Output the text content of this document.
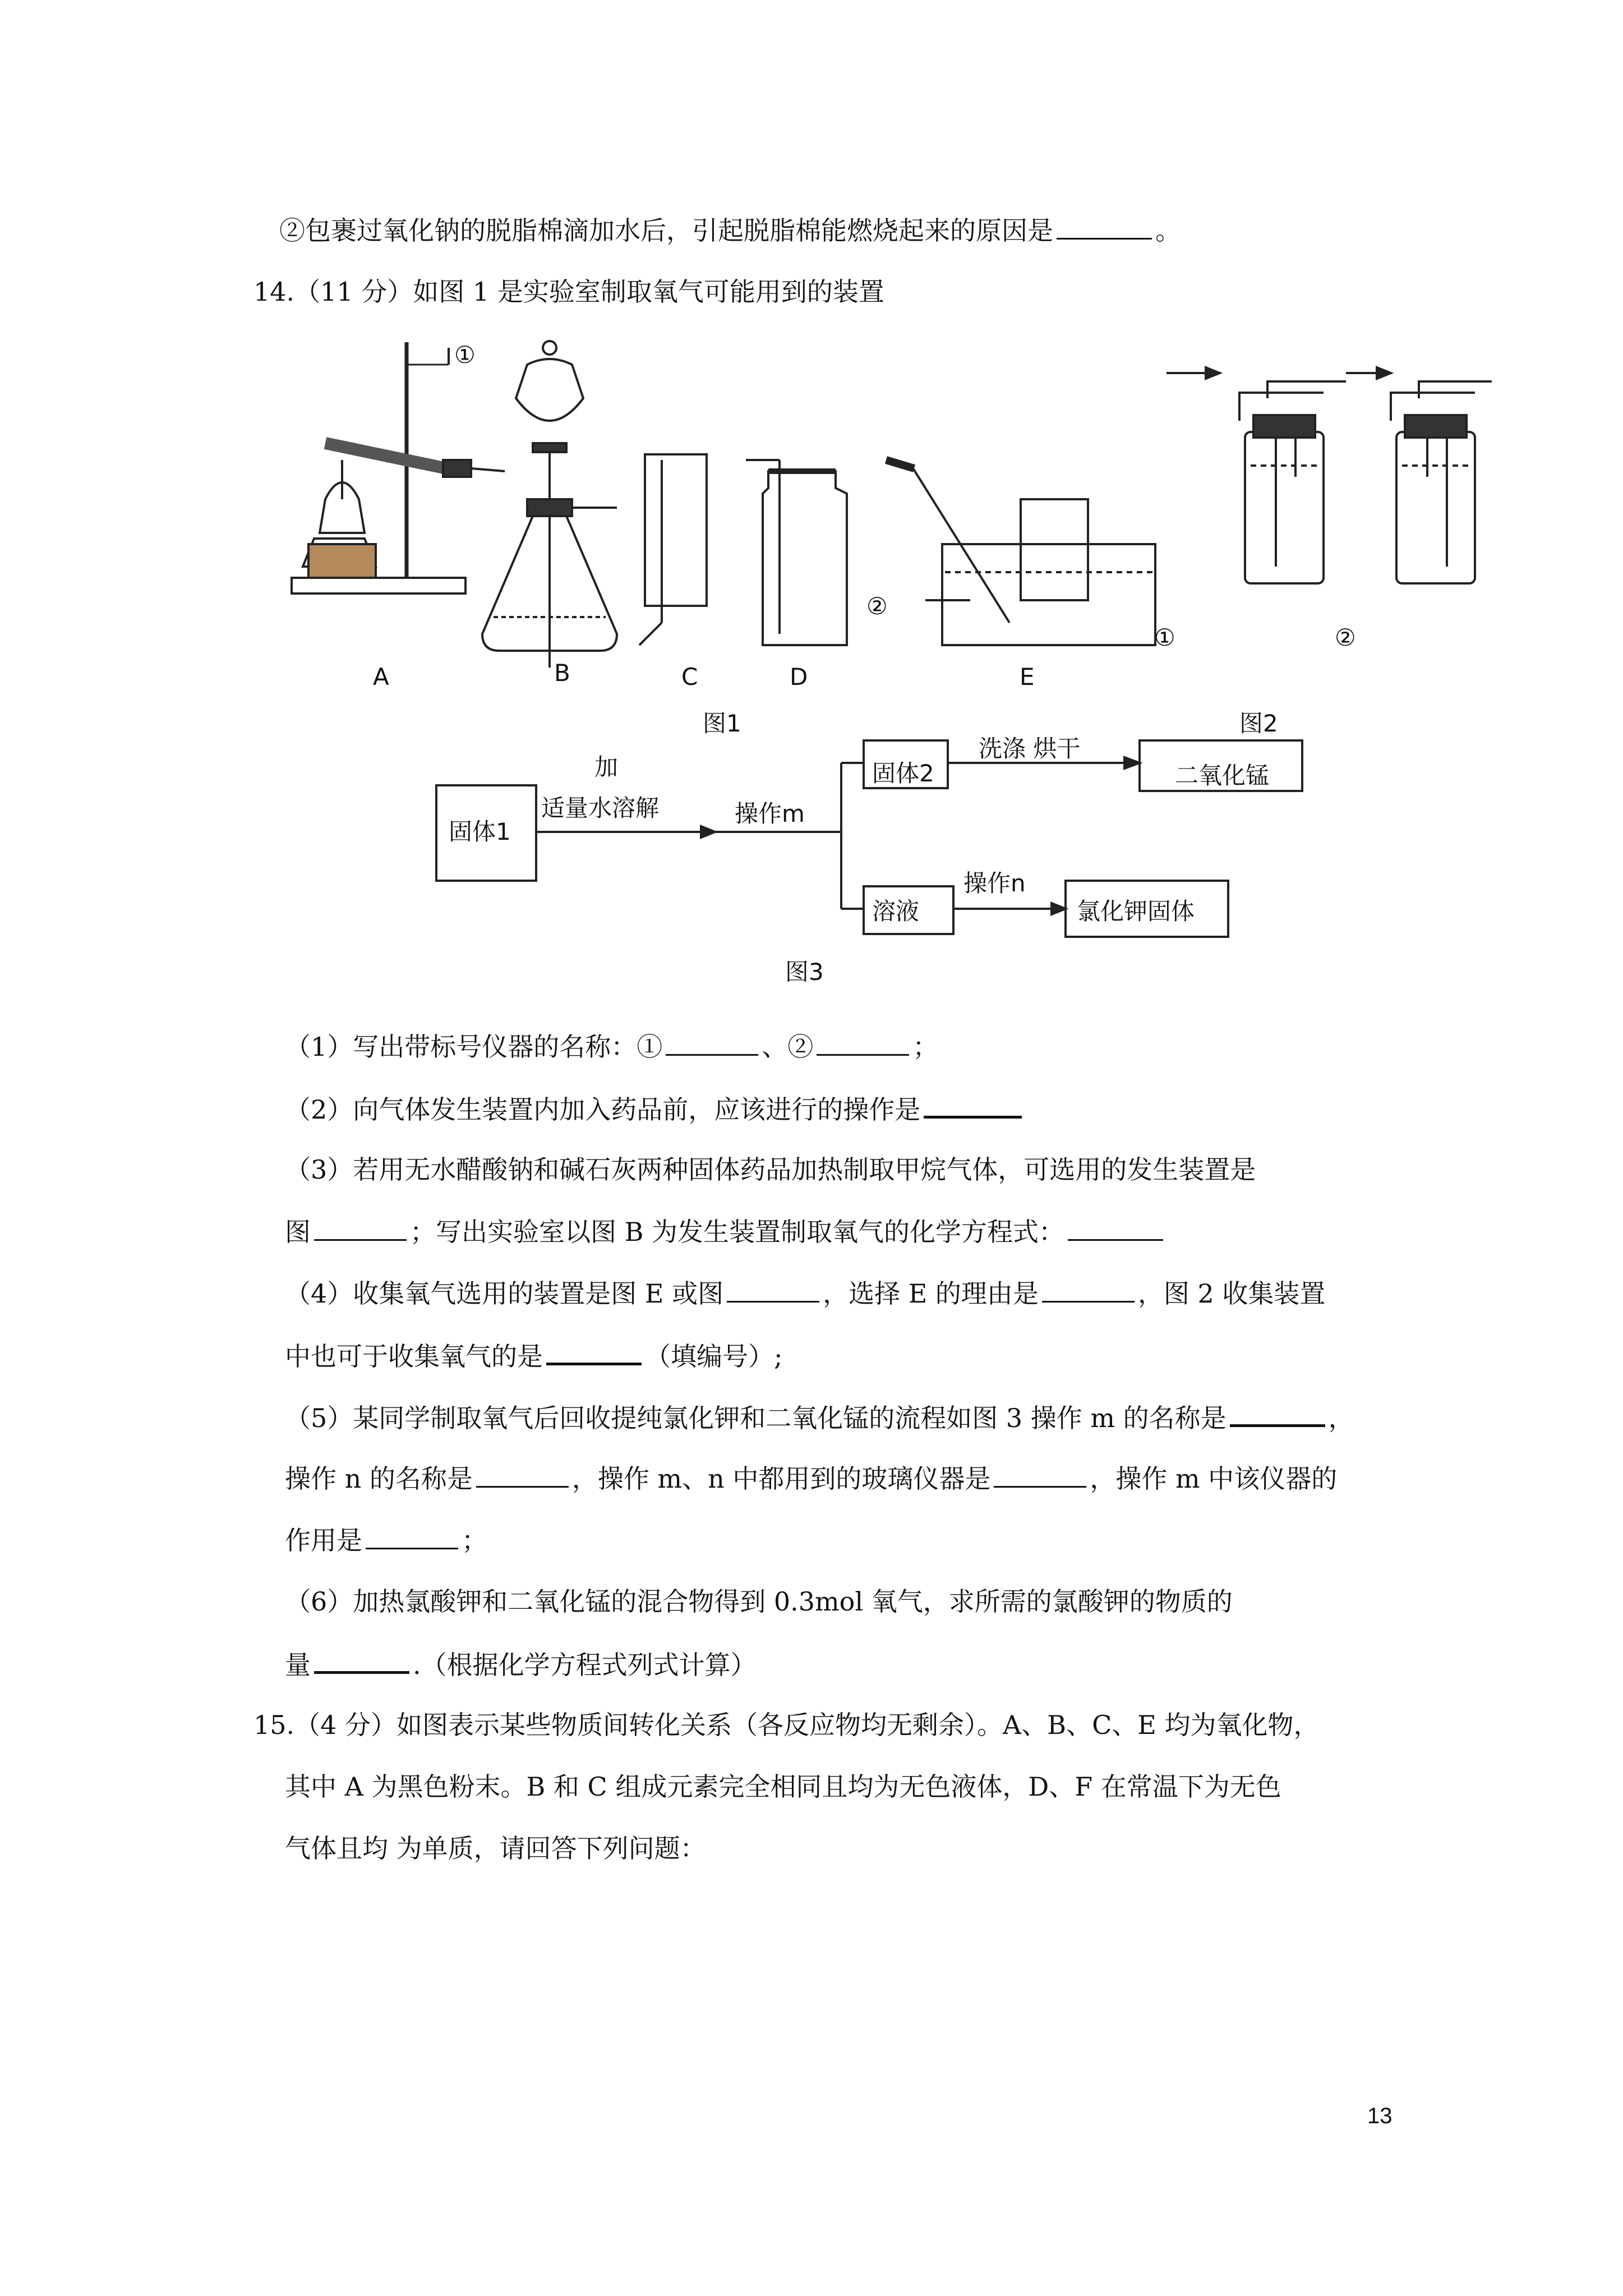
②包裹过氧化钠的脱脂棉滴加水后，引起脱脂棉能燃烧起来的原因是	。
14.（11 分）如图 1 是实验室制取氧气可能用到的装置
A	B	C	D	E
①
②
①	②
图1	图2
固体1
加
适量水溶解	操作m
固体2
洗涤 烘干
二氧化锰
溶液
操作n
氯化钾固体
图3
（1）写出带标号仪器的名称：①	、②	；
（2）向气体发生装置内加入药品前，应该进行的操作是
（3）若用无水醋酸钠和碱石灰两种固体药品加热制取甲烷气体，可选用的发生装置是
图	；写出实验室以图 B 为发生装置制取氧气的化学方程式：
（4）收集氧气选用的装置是图 E 或图	，选择 E 的理由是	，图 2 收集装置
中也可于收集氧气的是	（填编号）;
（5）某同学制取氧气后回收提纯氯化钾和二氧化锰的流程如图 3 操作 m 的名称是	，
操作 n 的名称是	，操作 m、n 中都用到的玻璃仪器是	，操作 m 中该仪器的
作用是	；
（6）加热氯酸钾和二氧化锰的混合物得到 0.3mol 氧气，求所需的氯酸钾的物质的
量	.（根据化学方程式列式计算）
15.（4 分）如图表示某些物质间转化关系（各反应物均无剩余）。A、B、C、E 均为氧化物，
其中 A 为黑色粉末。B 和 C 组成元素完全相同且均为无色液体，D、F 在常温下为无色
气体且均 为单质，请回答下列问题：
13
